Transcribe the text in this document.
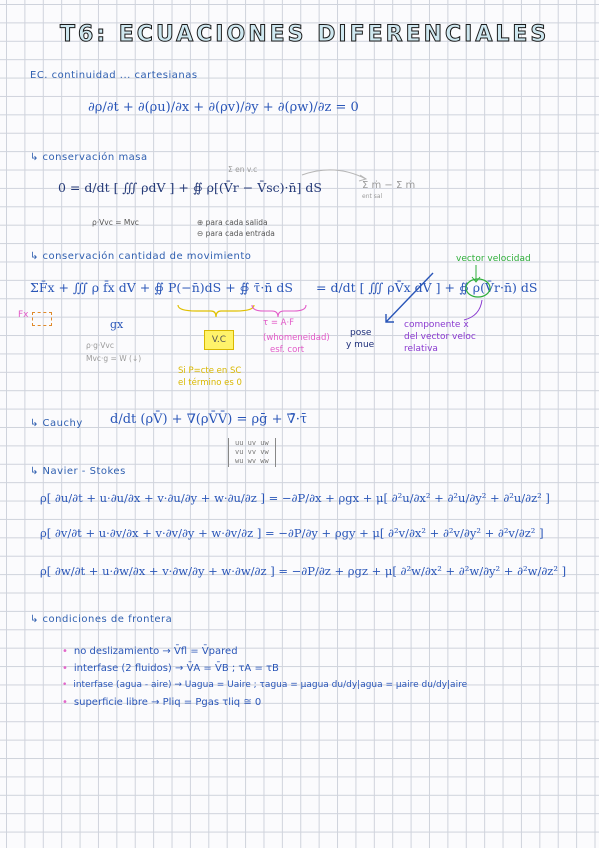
T6: ECUACIONES DIFERENCIALES
EC. continuidad ... cartesianas
∂ρ/∂t + ∂(ρu)/∂x + ∂(ρv)/∂y + ∂(ρw)/∂z = 0
↳ conservación masa
Σ en v.c
Σ ṁ − Σ ṁ
ent sal
0 = d/dt [ ∭ ρdV ] + ∯ ρ[(V̄r − V̄sc)·n̄] dS
ρ·Vvc = Mvc	⊕ para cada salida
⊖ para cada entrada
↳ conservación cantidad de movimiento	vector velocidad
ΣF̄x + ∭ ρ f̄x dV + ∯ P(−n̄)dS + ∯ τ̄·n̄ dS = d/dt [ ∭ ρV̄x dV ] + ∯ ρ(V̄r·n̄) dS
Fx
gx
ρ·g·Vvc
Mvc·g = W (↓)
V.C
Si P=cte en SC
el término es 0
τ = A·F
(whomeneidad)
esf. cort
pose
y mue
componente x
del vector veloc
relativa
↳ Cauchy d/dt (ρV̄) + ∇(ρV̄V̄) = ρḡ + ∇̄·τ̄
uu uv uw
vu vv vw
wu wv ww
↳ Navier - Stokes
ρ[ ∂u/∂t + u·∂u/∂x + v·∂u/∂y + w·∂u/∂z ] = −∂P/∂x + ρgx + μ[ ∂²u/∂x² + ∂²u/∂y² + ∂²u/∂z² ]
ρ[ ∂v/∂t + u·∂v/∂x + v·∂v/∂y + w·∂v/∂z ] = −∂P/∂y + ρgy + μ[ ∂²v/∂x² + ∂²v/∂y² + ∂²v/∂z² ]
ρ[ ∂w/∂t + u·∂w/∂x + v·∂w/∂y + w·∂w/∂z ] = −∂P/∂z + ρgz + μ[ ∂²w/∂x² + ∂²w/∂y² + ∂²w/∂z² ]
↳ condiciones de frontera
• no deslizamiento → V̄fl = V̄pared
• interfase (2 fluidos) → V̄A = V̄B ; τA = τB
• interfase (agua - aire) → Uagua = Uaire ; τagua = μagua du/dy|agua = μaire du/dy|aire
• superficie libre → Pliq = Pgas τliq ≅ 0
